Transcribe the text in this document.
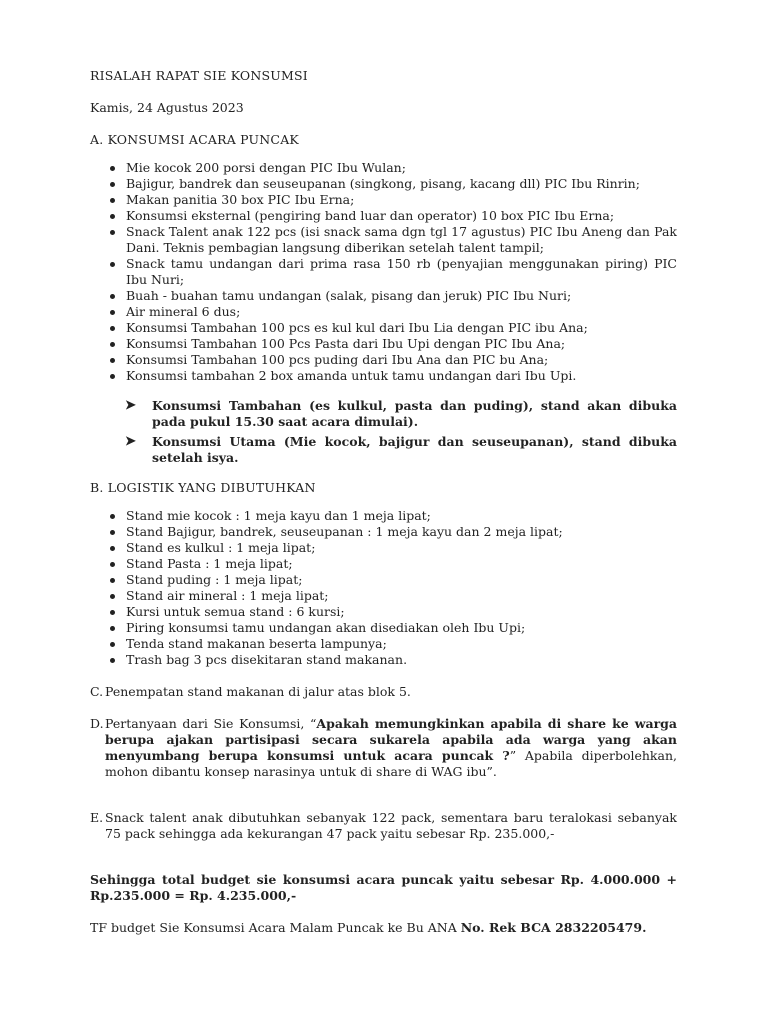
RISALAH RAPAT SIE KONSUMSI

Kamis, 24 Agustus 2023

A. KONSUMSI ACARA PUNCAK

Mie kocok 200 porsi dengan PIC Ibu Wulan;
Bajigur, bandrek dan seuseupanan (singkong, pisang, kacang dll) PIC Ibu Rinrin;
Makan panitia 30 box PIC Ibu Erna;
Konsumsi eksternal (pengiring band luar dan operator) 10 box PIC Ibu Erna;
Snack Talent anak 122 pcs (isi snack sama dgn tgl 17 agustus) PIC Ibu Aneng dan Pak Dani. Teknis pembagian langsung diberikan setelah talent tampil;
Snack tamu undangan dari prima rasa 150 rb (penyajian menggunakan piring) PIC Ibu Nuri;
Buah - buahan tamu undangan (salak, pisang dan jeruk) PIC Ibu Nuri;
Air mineral 6 dus;
Konsumsi Tambahan 100 pcs es kul kul dari Ibu Lia dengan PIC ibu Ana;
Konsumsi Tambahan 100 Pcs Pasta dari Ibu Upi dengan PIC Ibu Ana;
Konsumsi Tambahan 100 pcs puding dari Ibu Ana dan PIC bu Ana;
Konsumsi tambahan 2 box amanda untuk tamu undangan dari Ibu Upi.
➤ Konsumsi Tambahan (es kulkul, pasta dan puding), stand akan dibuka pada pukul 15.30 saat acara dimulai).
➤ Konsumsi Utama (Mie kocok, bajigur dan seuseupanan), stand dibuka setelah isya.

B. LOGISTIK YANG DIBUTUHKAN

Stand mie kocok : 1 meja kayu dan 1 meja lipat;
Stand Bajigur, bandrek, seuseupanan : 1 meja kayu dan 2 meja lipat;
Stand es kulkul : 1 meja lipat;
Stand Pasta : 1 meja lipat;
Stand puding : 1 meja lipat;
Stand air mineral : 1 meja lipat;
Kursi untuk semua stand : 6 kursi;
Piring konsumsi tamu undangan akan disediakan oleh Ibu Upi;
Tenda stand makanan beserta lampunya;
Trash bag 3 pcs disekitaran stand makanan.
C. Penempatan stand makanan di jalur atas blok 5.
D. Pertanyaan dari Sie Konsumsi, “Apakah memungkinkan apabila di share ke warga berupa ajakan partisipasi secara sukarela apabila ada warga yang akan menyumbang berupa konsumsi untuk acara puncak ?” Apabila diperbolehkan, mohon dibantu konsep narasinya untuk di share di WAG ibu”.
E. Snack talent anak dibutuhkan sebanyak 122 pack, sementara baru teralokasi sebanyak 75 pack sehingga ada kekurangan 47 pack yaitu sebesar Rp. 235.000,-

Sehingga total budget sie konsumsi acara puncak yaitu sebesar Rp. 4.000.000 + Rp.235.000 = Rp. 4.235.000,-

TF budget Sie Konsumsi Acara Malam Puncak ke Bu ANA No. Rek BCA 2832205479.
